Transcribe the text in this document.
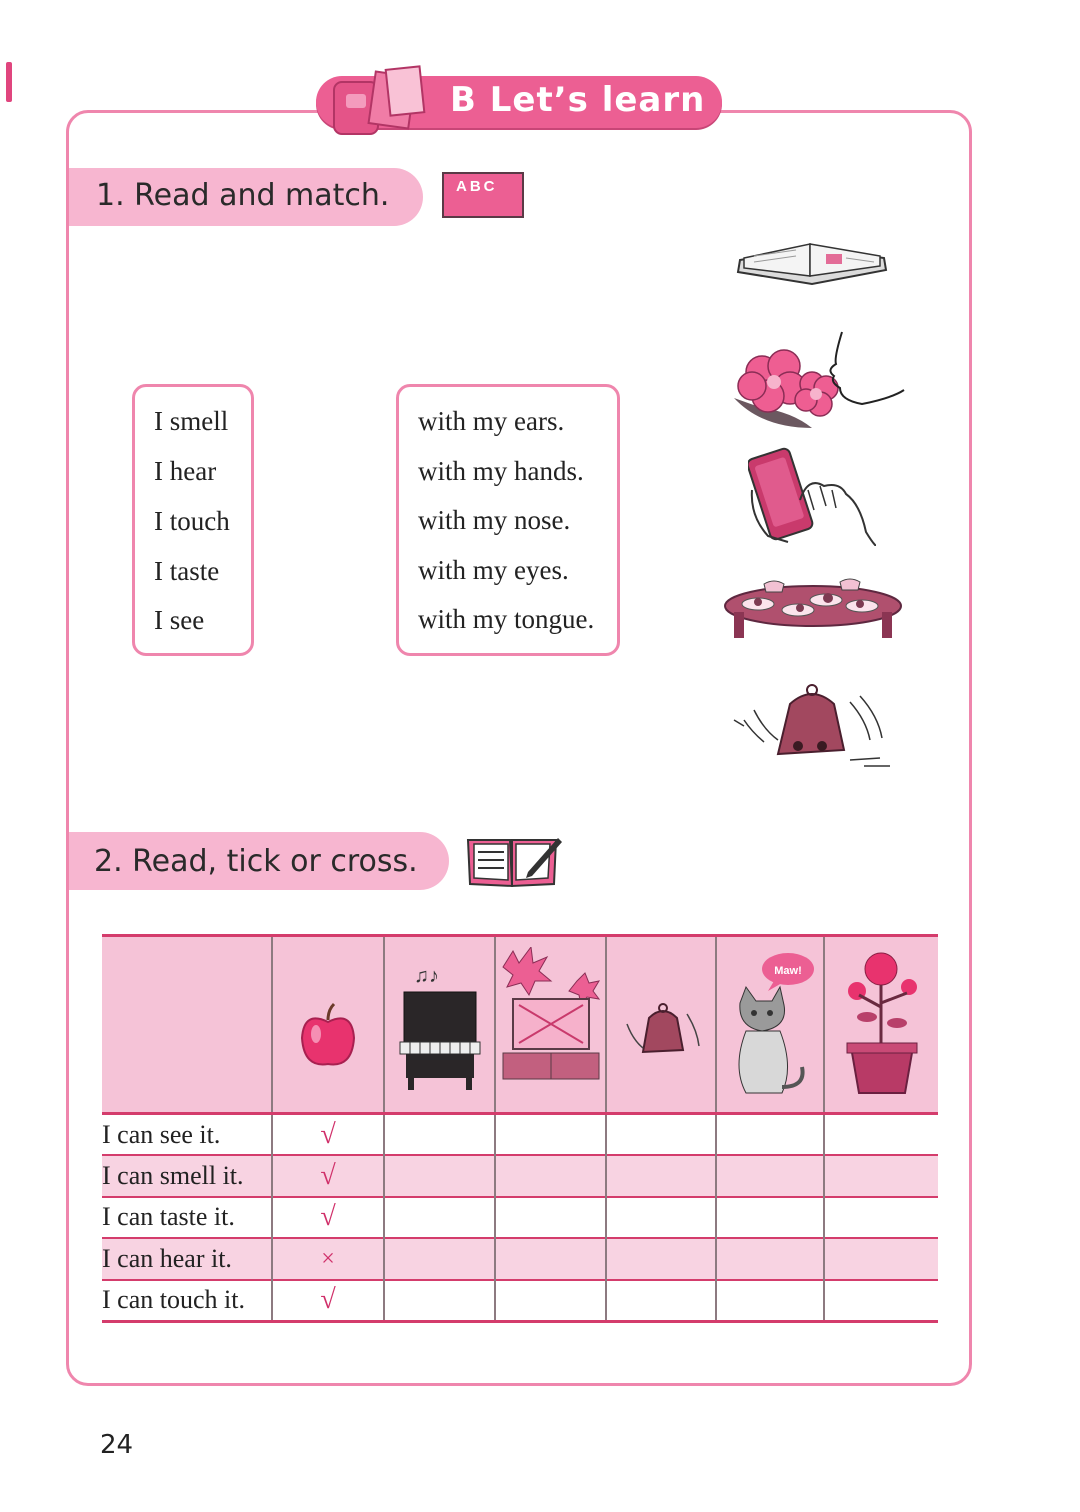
B Let’s learn
1. Read and match.	ABC
I smell
I hear
I touch
I taste
I see
with my ears.
with my hands.
with my nose.
with my eyes.
with my tongue.
2. Read, tick or cross.

♫♪			Maw!

I can see it.	√					
I can smell it.	√					
I can taste it.	√					
I can hear it.	×					
I can touch it.	√					
24
